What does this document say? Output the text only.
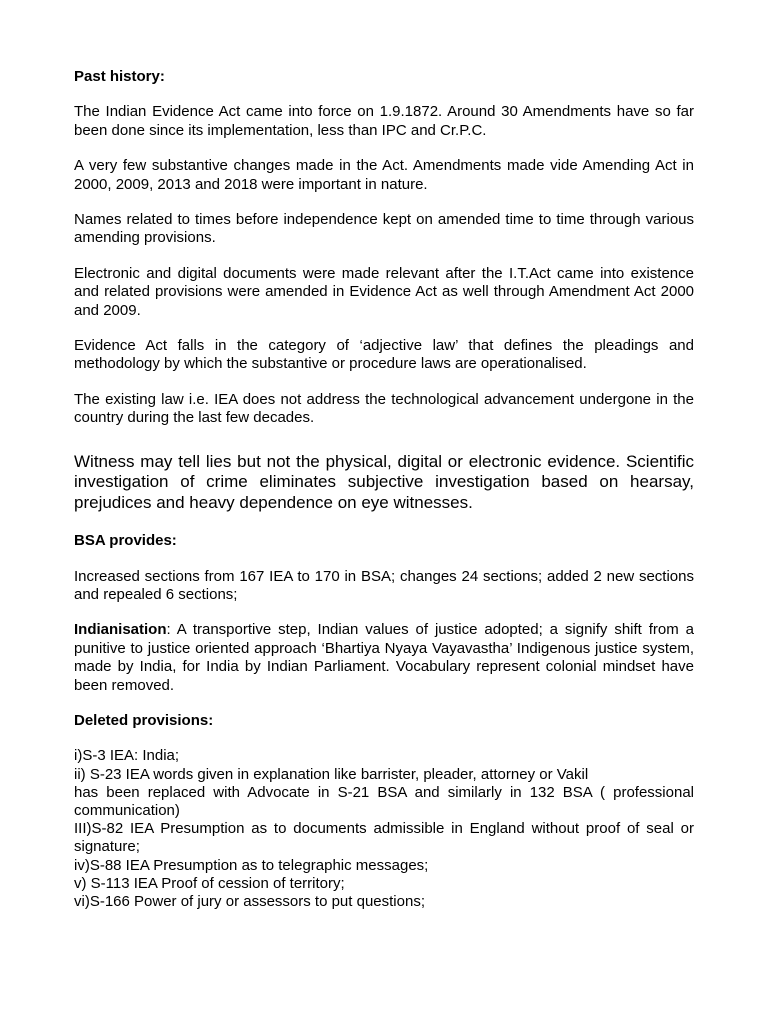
Past history:

The Indian Evidence Act came into force on 1.9.1872. Around 30 Amendments have so far been done since its implementation, less than IPC and Cr.P.C.

A very few substantive changes made in the Act. Amendments made vide Amending Act in 2000, 2009, 2013 and 2018 were important in nature.

Names related to times before independence kept on amended time to time through various amending provisions.

Electronic and digital documents were made relevant after the I.T.Act came into existence and related provisions were amended in Evidence Act as well through Amendment Act 2000 and 2009.

Evidence Act falls in the category of ‘adjective law’ that defines the pleadings and methodology by which the substantive or procedure laws are operationalised.

The existing law i.e. IEA does not address the technological advancement undergone in the country during the last few decades.

Witness may tell lies but not the physical, digital or electronic evidence. Scientific investigation of crime eliminates subjective investigation based on hearsay, prejudices and heavy dependence on eye witnesses.

BSA provides:

Increased sections from 167 IEA to 170 in BSA; changes 24 sections; added 2 new sections and repealed 6 sections;

Indianisation: A transportive step, Indian values of justice adopted; a signify shift from a punitive to justice oriented approach ‘Bhartiya Nyaya Vayavastha’ Indigenous justice system, made by India, for India by Indian Parliament. Vocabulary represent colonial mindset have been removed.

Deleted provisions:

i)S-3 IEA: India;

ii) S-23 IEA words given in explanation like barrister, pleader, attorney or Vakil

has been replaced with Advocate in S-21 BSA and similarly in 132 BSA ( professional communication)

III)S-82 IEA Presumption as to documents admissible in England without proof of seal or signature;

iv)S-88 IEA Presumption as to telegraphic messages;

v) S-113 IEA Proof of cession of territory;

vi)S-166 Power of jury or assessors to put questions;
